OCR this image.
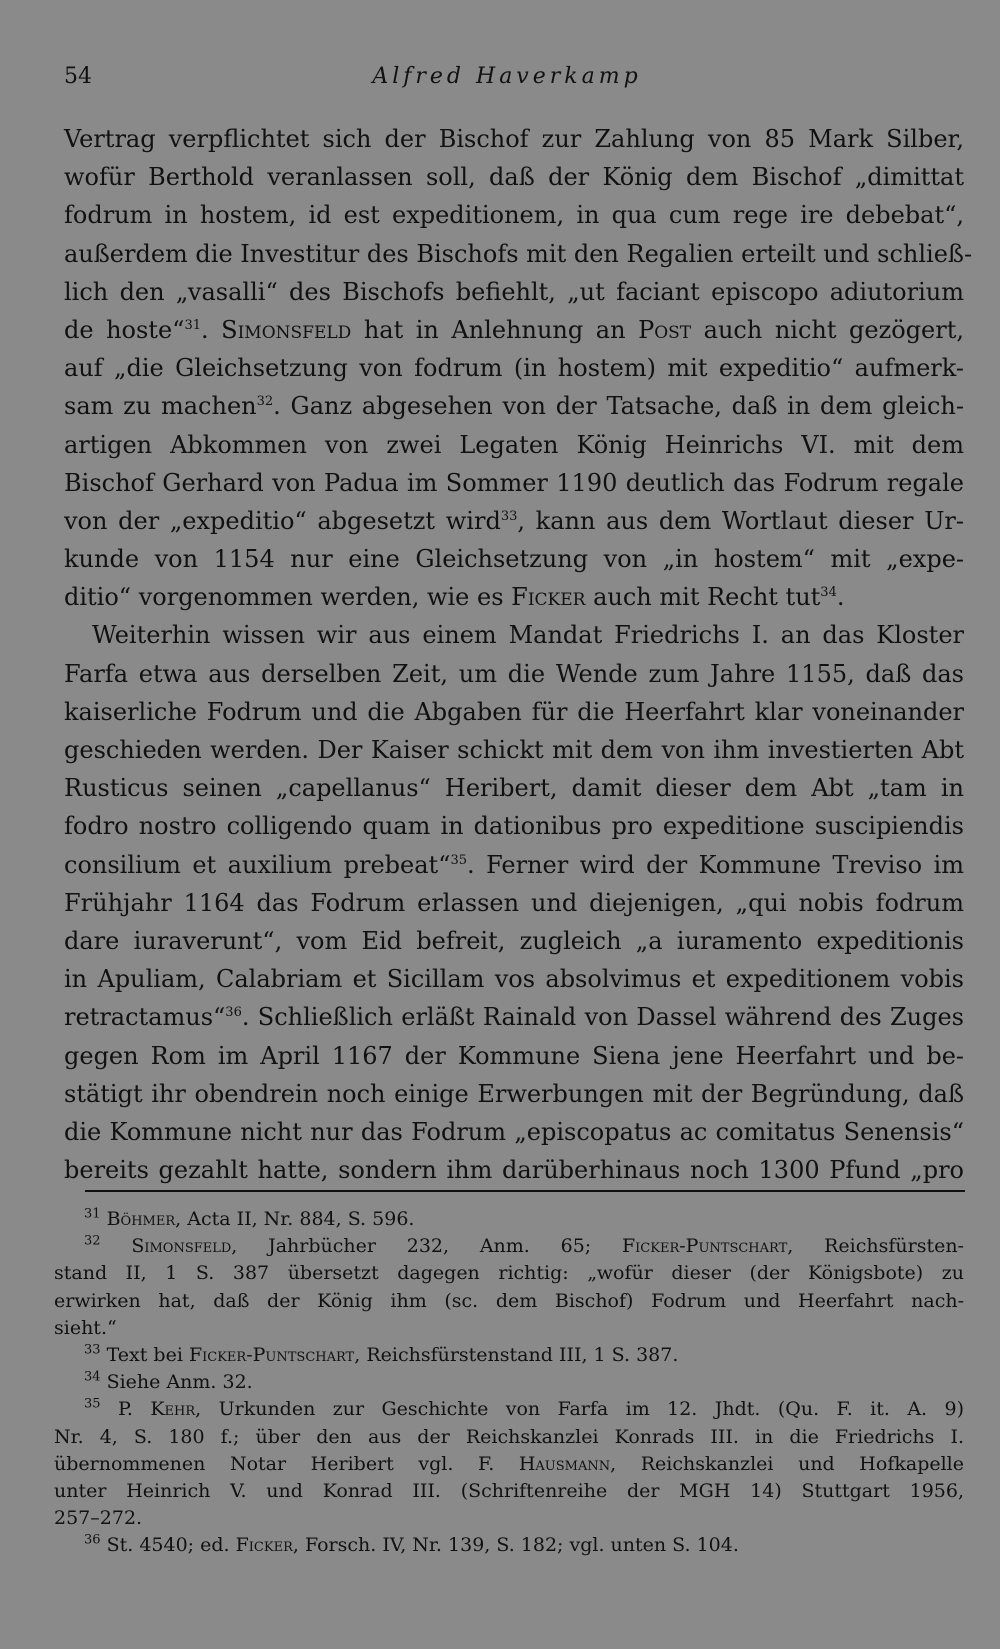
54	Alfred Haverkamp
Vertrag verpflichtet sich der Bischof zur Zahlung von 85 Mark Silber,
wofür Berthold veranlassen soll, daß der König dem Bischof „dimittat
fodrum in hostem, id est expeditionem, in qua cum rege ire debebat“,
außerdem die Investitur des Bischofs mit den Regalien erteilt und schließ-
lich den „vasalli“ des Bischofs befiehlt, „ut faciant episcopo adiutorium
de hoste“$^{31}$. Simonsfeld hat in Anlehnung an Post auch nicht gezögert,
auf „die Gleichsetzung von fodrum (in hostem) mit expeditio“ aufmerk-
sam zu machen$^{32}$. Ganz abgesehen von der Tatsache, daß in dem gleich-
artigen Abkommen von zwei Legaten König Heinrichs VI. mit dem
Bischof Gerhard von Padua im Sommer 1190 deutlich das Fodrum regale
von der „expeditio“ abgesetzt wird$^{33}$, kann aus dem Wortlaut dieser Ur-
kunde von 1154 nur eine Gleichsetzung von „in hostem“ mit „expe-
ditio“ vorgenommen werden, wie es Ficker auch mit Recht tut$^{34}$.
Weiterhin wissen wir aus einem Mandat Friedrichs I. an das Kloster
Farfa etwa aus derselben Zeit, um die Wende zum Jahre 1155, daß das
kaiserliche Fodrum und die Abgaben für die Heerfahrt klar voneinander
geschieden werden. Der Kaiser schickt mit dem von ihm investierten Abt
Rusticus seinen „capellanus“ Heribert, damit dieser dem Abt „tam in
fodro nostro colligendo quam in dationibus pro expeditione suscipiendis
consilium et auxilium prebeat“$^{35}$. Ferner wird der Kommune Treviso im
Frühjahr 1164 das Fodrum erlassen und diejenigen, „qui nobis fodrum
dare iuraverunt“, vom Eid befreit, zugleich „a iuramento expeditionis
in Apuliam, Calabriam et Sicillam vos absolvimus et expeditionem vobis
retractamus“$^{36}$. Schließlich erläßt Rainald von Dassel während des Zuges
gegen Rom im April 1167 der Kommune Siena jene Heerfahrt und be-
stätigt ihr obendrein noch einige Erwerbungen mit der Begründung, daß
die Kommune nicht nur das Fodrum „episcopatus ac comitatus Senensis“
bereits gezahlt hatte, sondern ihm darüberhinaus noch 1300 Pfund „pro
$^{31}$ Böhmer, Acta II, Nr. 884, S. 596.
$^{32}$ Simonsfeld, Jahrbücher 232, Anm. 65; Ficker-Puntschart, Reichsfürsten-
stand II, 1 S. 387 übersetzt dagegen richtig: „wofür dieser (der Königsbote) zu
erwirken hat, daß der König ihm (sc. dem Bischof) Fodrum und Heerfahrt nach-
sieht.“
$^{33}$ Text bei Ficker-Puntschart, Reichsfürstenstand III, 1 S. 387.
$^{34}$ Siehe Anm. 32.
$^{35}$ P. Kehr, Urkunden zur Geschichte von Farfa im 12. Jhdt. (Qu. F. it. A. 9)
Nr. 4, S. 180 f.; über den aus der Reichskanzlei Konrads III. in die Friedrichs I.
übernommenen Notar Heribert vgl. F. Hausmann, Reichskanzlei und Hofkapelle
unter Heinrich V. und Konrad III. (Schriftenreihe der MGH 14) Stuttgart 1956,
257–272.
$^{36}$ St. 4540; ed. Ficker, Forsch. IV, Nr. 139, S. 182; vgl. unten S. 104.
